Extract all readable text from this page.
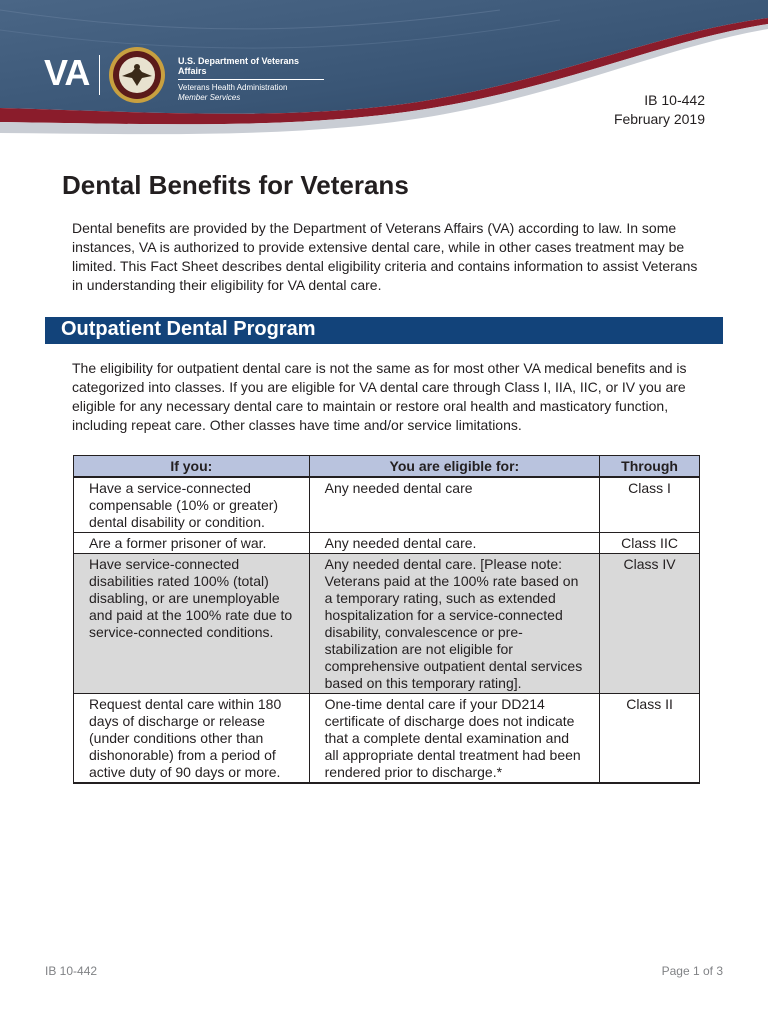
VA	U.S. Department of Veterans Affairs
Veterans Health Administration
Member Services	IB 10-442
February 2019
Dental Benefits for Veterans

Dental benefits are provided by the Department of Veterans Affairs (VA) according to law. In some instances, VA is authorized to provide extensive dental care, while in other cases treatment may be limited. This Fact Sheet describes dental eligibility criteria and contains information to assist Veterans in understanding their eligibility for VA dental care.

Outpatient Dental Program

The eligibility for outpatient dental care is not the same as for most other VA medical benefits and is categorized into classes. If you are eligible for VA dental care through Class I, IIA, IIC, or IV you are eligible for any necessary dental care to maintain or restore oral health and masticatory function, including repeat care. Other classes have time and/or service limitations.

If you:	You are eligible for:	Through
Have a service-connected compensable (10% or greater) dental disability or condition.	Any needed dental care	Class I
Are a former prisoner of war.	Any needed dental care.	Class IIC
Have service-connected disabilities rated 100% (total) disabling, or are unemployable and paid at the 100% rate due to service-connected conditions.	Any needed dental care. [Please note: Veterans paid at the 100% rate based on a temporary rating, such as extended hospitalization for a service-connected disability, convalescence or pre-stabilization are not eligible for comprehensive outpatient dental services based on this temporary rating].	Class IV
Request dental care within 180 days of discharge or release (under conditions other than dishonorable) from a period of active duty of 90 days or more.	One-time dental care if your DD214 certificate of discharge does not indicate that a complete dental examination and all appropriate dental treatment had been rendered prior to discharge.*	Class II
IB 10-442	Page 1 of 3
